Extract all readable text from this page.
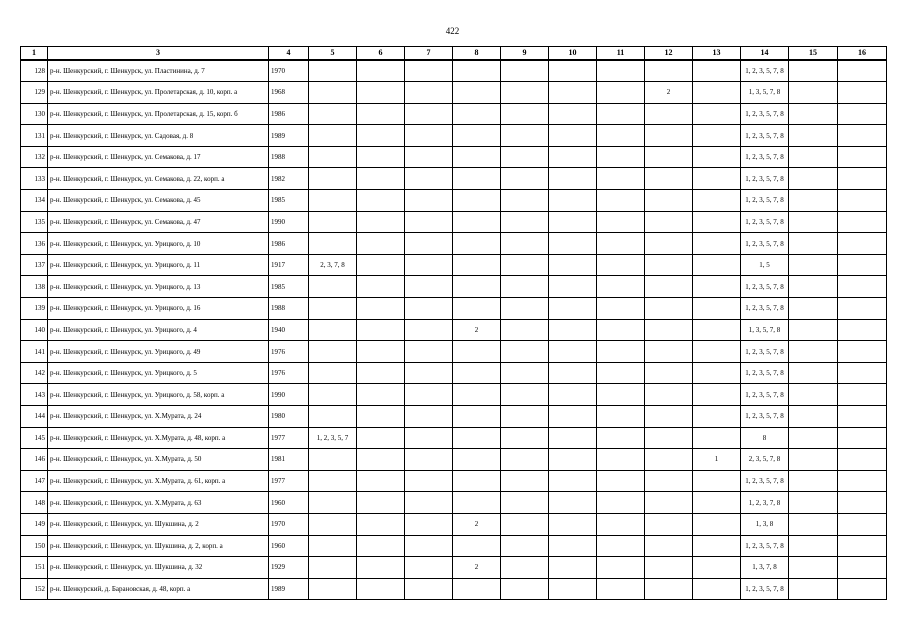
422
1	3	4	5	6	7	8	9	10	11	12	13	14	15	16
128	р-н. Шенкурский, г. Шенкурск, ул. Пластинина, д. 7	1970										1, 2, 3, 5, 7, 8		
129	р-н. Шенкурский, г. Шенкурск, ул. Пролетарская, д. 10, корп. а	1968								2		1, 3, 5, 7, 8		
130	р-н. Шенкурский, г. Шенкурск, ул. Пролетарская, д. 15, корп. б	1986										1, 2, 3, 5, 7, 8		
131	р-н. Шенкурский, г. Шенкурск, ул. Садовая, д. 8	1989										1, 2, 3, 5, 7, 8		
132	р-н. Шенкурский, г. Шенкурск, ул. Семакова, д. 17	1988										1, 2, 3, 5, 7, 8		
133	р-н. Шенкурский, г. Шенкурск, ул. Семакова, д. 22, корп. а	1982										1, 2, 3, 5, 7, 8		
134	р-н. Шенкурский, г. Шенкурск, ул. Семакова, д. 45	1985										1, 2, 3, 5, 7, 8		
135	р-н. Шенкурский, г. Шенкурск, ул. Семакова, д. 47	1990										1, 2, 3, 5, 7, 8		
136	р-н. Шенкурский, г. Шенкурск, ул. Урицкого, д. 10	1986										1, 2, 3, 5, 7, 8		
137	р-н. Шенкурский, г. Шенкурск, ул. Урицкого, д. 11	1917	2, 3, 7, 8									1, 5		
138	р-н. Шенкурский, г. Шенкурск, ул. Урицкого, д. 13	1985										1, 2, 3, 5, 7, 8		
139	р-н. Шенкурский, г. Шенкурск, ул. Урицкого, д. 16	1988										1, 2, 3, 5, 7, 8		
140	р-н. Шенкурский, г. Шенкурск, ул. Урицкого, д. 4	1940				2						1, 3, 5, 7, 8		
141	р-н. Шенкурский, г. Шенкурск, ул. Урицкого, д. 49	1976										1, 2, 3, 5, 7, 8		
142	р-н. Шенкурский, г. Шенкурск, ул. Урицкого, д. 5	1976										1, 2, 3, 5, 7, 8		
143	р-н. Шенкурский, г. Шенкурск, ул. Урицкого, д. 58, корп. а	1990										1, 2, 3, 5, 7, 8		
144	р-н. Шенкурский, г. Шенкурск, ул. Х.Мурата, д. 24	1980										1, 2, 3, 5, 7, 8		
145	р-н. Шенкурский, г. Шенкурск, ул. Х.Мурата, д. 48, корп. а	1977	1, 2, 3, 5, 7									8		
146	р-н. Шенкурский, г. Шенкурск, ул. Х.Мурата, д. 50	1981									1	2, 3, 5, 7, 8		
147	р-н. Шенкурский, г. Шенкурск, ул. Х.Мурата, д. 61, корп. а	1977										1, 2, 3, 5, 7, 8		
148	р-н. Шенкурский, г. Шенкурск, ул. Х.Мурата, д. 63	1960										1, 2, 3, 7, 8		
149	р-н. Шенкурский, г. Шенкурск, ул. Шукшина, д. 2	1970				2						1, 3, 8		
150	р-н. Шенкурский, г. Шенкурск, ул. Шукшина, д. 2, корп. а	1960										1, 2, 3, 5, 7, 8		
151	р-н. Шенкурский, г. Шенкурск, ул. Шукшина, д. 32	1929				2						1, 3, 7, 8		
152	р-н. Шенкурский, д. Барановская, д. 48, корп. а	1989										1, 2, 3, 5, 7, 8		
